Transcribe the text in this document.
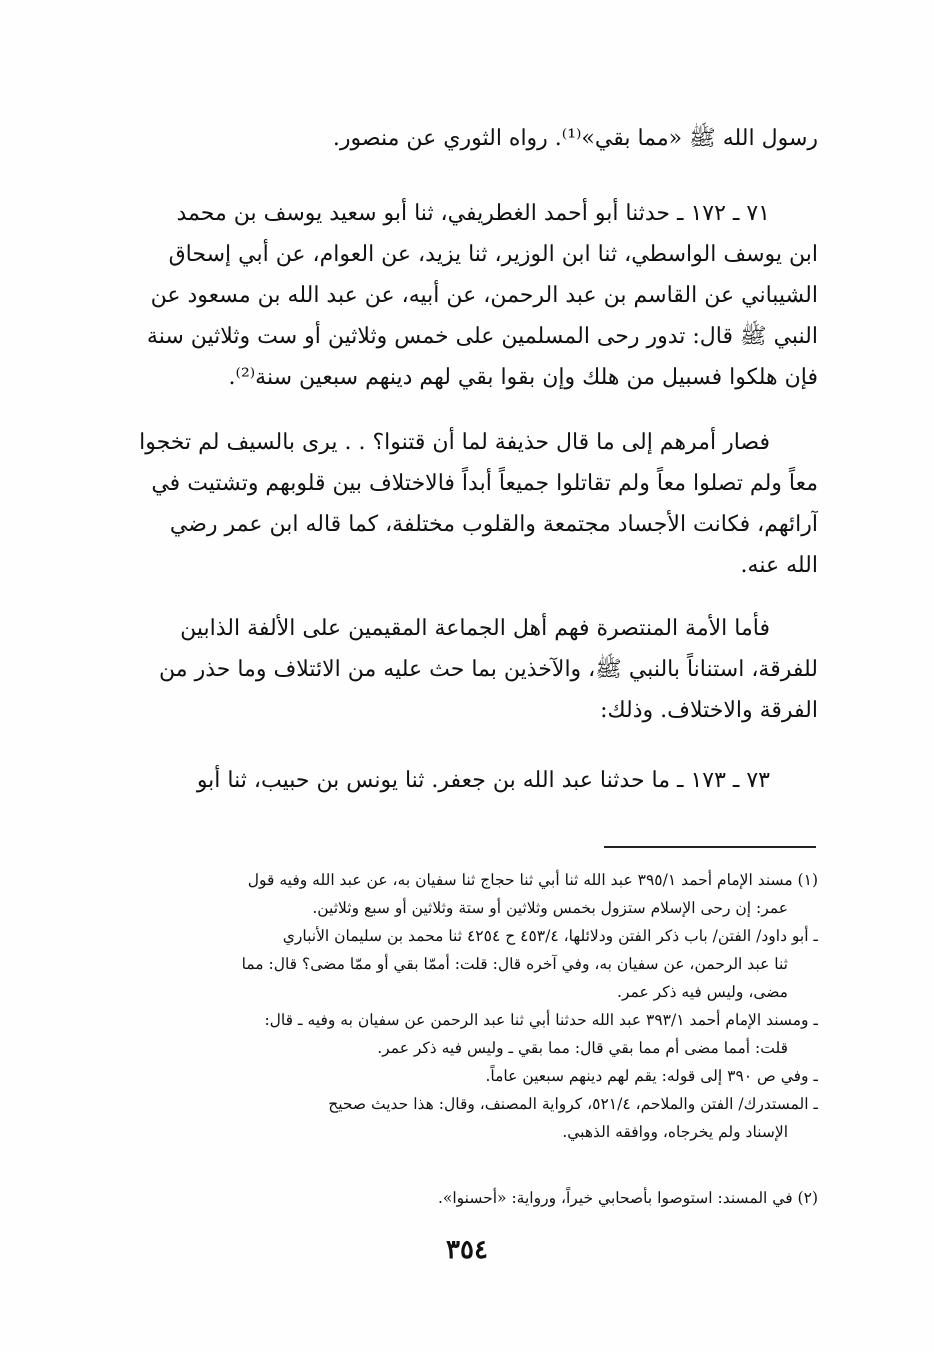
رسول الله ﷺ «مما بقي»⁽¹⁾. رواه الثوري عن منصور.
٧١ ـ ١٧٢ ـ حدثنا أبو أحمد الغطريفي، ثنا أبو سعيد يوسف بن محمد
ابن يوسف الواسطي، ثنا ابن الوزير، ثنا يزيد، عن العوام، عن أبي إسحاق
الشيباني عن القاسم بن عبد الرحمن، عن أبيه، عن عبد الله بن مسعود عن
النبي ﷺ قال: تدور رحى المسلمين على خمس وثلاثين أو ست وثلاثين سنة
فإن هلكوا فسبيل من هلك وإن بقوا بقي لهم دينهم سبعين سنة⁽²⁾.
فصار أمرهم إلى ما قال حذيفة لما أن قتنوا؟ . . يرى بالسيف لم تخجوا
معاً ولم تصلوا معاً ولم تقاتلوا جميعاً أبداً فالاختلاف بين قلوبهم وتشتيت في
آرائهم، فكانت الأجساد مجتمعة والقلوب مختلفة، كما قاله ابن عمر رضي
الله عنه.
فأما الأمة المنتصرة فهم أهل الجماعة المقيمين على الألفة الذابين
للفرقة، استناناً بالنبي ﷺ، والآخذين بما حث عليه من الائتلاف وما حذر من
الفرقة والاختلاف. وذلك:
٧٣ ـ ١٧٣ ـ ما حدثنا عبد الله بن جعفر. ثنا يونس بن حبيب، ثنا أبو
(١) مسند الإمام أحمد ٣٩٥/١ عبد الله ثنا أبي ثنا حجاج ثنا سفيان به، عن عبد الله وفيه قول
عمر: إن رحى الإسلام ستزول بخمس وثلاثين أو ستة وثلاثين أو سبع وثلاثين.
ـ أبو داود/ الفتن/ باب ذكر الفتن ودلائلها، ٤٥٣/٤ ح ٤٢٥٤ ثنا محمد بن سليمان الأنباري
ثنا عبد الرحمن، عن سفيان به، وفي آخره قال: قلت: أممّا بقي أو ممّا مضى؟ قال: مما
مضى، وليس فيه ذكر عمر.
ـ ومسند الإمام أحمد ٣٩٣/١ عبد الله حدثنا أبي ثنا عبد الرحمن عن سفيان به وفيه ـ قال:
قلت: أمما مضى أم مما بقي قال: مما بقي ـ وليس فيه ذكر عمر.
ـ وفي ص ٣٩٠ إلى قوله: يقم لهم دينهم سبعين عاماً.
ـ المستدرك/ الفتن والملاحم، ٥٢١/٤، كرواية المصنف، وقال: هذا حديث صحيح
الإسناد ولم يخرجاه، ووافقه الذهبي.
(٢) في المسند: استوصوا بأصحابي خيراً، ورواية: «أحسنوا».
٣٥٤
